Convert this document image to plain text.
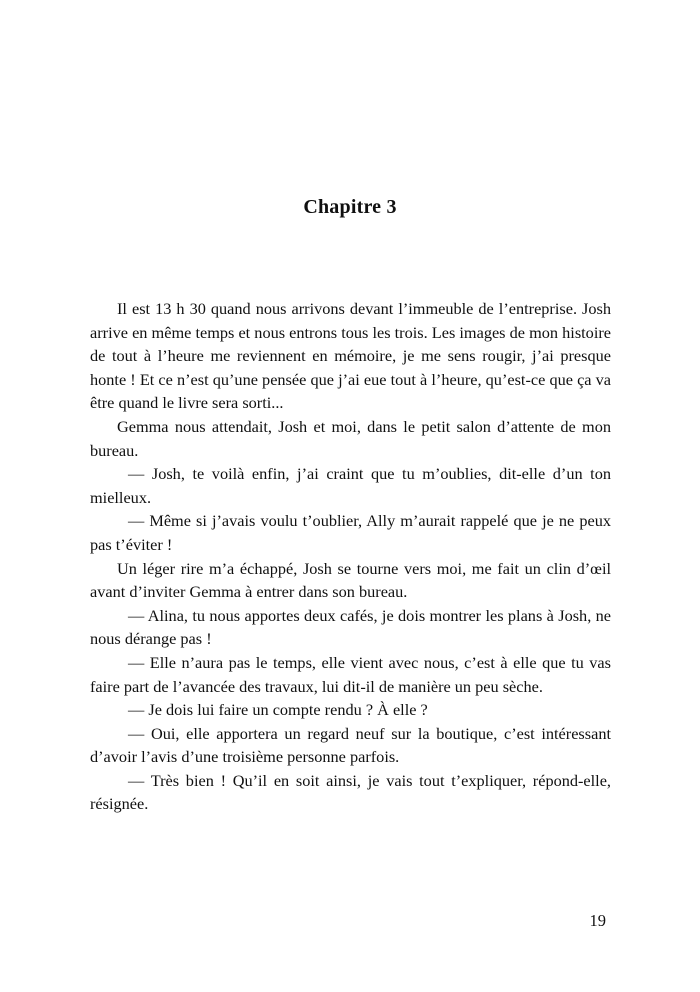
Chapitre 3

Il est 13 h 30 quand nous arrivons devant l’immeuble de l’entreprise. Josh arrive en même temps et nous entrons tous les trois. Les images de mon histoire de tout à l’heure me reviennent en mémoire, je me sens rougir, j’ai presque honte ! Et ce n’est qu’une pensée que j’ai eue tout à l’heure, qu’est-ce que ça va être quand le livre sera sorti...

Gemma nous attendait, Josh et moi, dans le petit salon d’attente de mon bureau.

— Josh, te voilà enfin, j’ai craint que tu m’oublies, dit-elle d’un ton mielleux.

— Même si j’avais voulu t’oublier, Ally m’aurait rappelé que je ne peux pas t’éviter !

Un léger rire m’a échappé, Josh se tourne vers moi, me fait un clin d’œil avant d’inviter Gemma à entrer dans son bureau.

— Alina, tu nous apportes deux cafés, je dois montrer les plans à Josh, ne nous dérange pas !

— Elle n’aura pas le temps, elle vient avec nous, c’est à elle que tu vas faire part de l’avancée des travaux, lui dit-il de manière un peu sèche.

— Je dois lui faire un compte rendu ? À elle ?

— Oui, elle apportera un regard neuf sur la boutique, c’est intéressant d’avoir l’avis d’une troisième personne parfois.

— Très bien ! Qu’il en soit ainsi, je vais tout t’expliquer, répond-elle, résignée.

19
